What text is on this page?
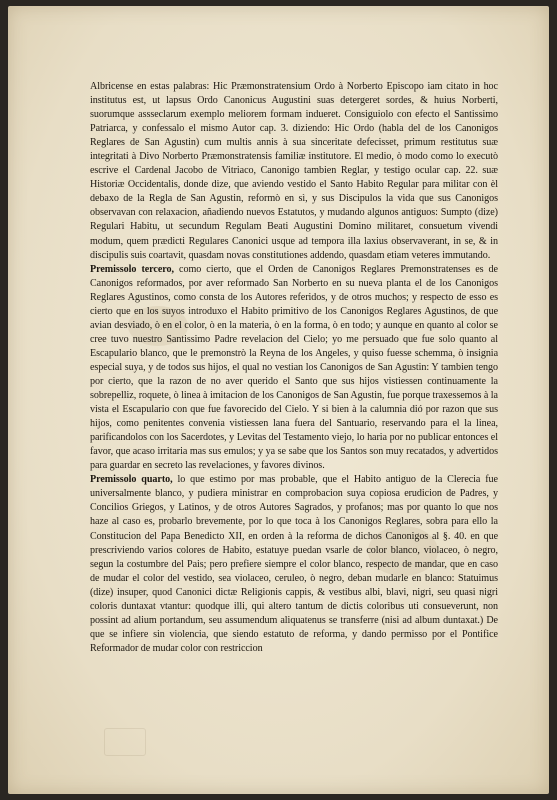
Albricense en estas palabras: Hic Præmonstratensium Ordo à Norberto Episcopo iam citato in hoc institutus est, ut lapsus Ordo Canonicus Augustini suas detergeret sordes, & huius Norberti, suorumque assseclarum exemplo meliorem formam indueret. Consiguiolo con efecto el Santissimo Patriarca, y confessalo el mismo Autor cap. 3. diziendo: Hic Ordo (habla del de los Canonigos Reglares de San Agustin) cum multis annis à sua sinceritate defecisset, primum restitutus suæ integritati à Divo Norberto Præmonstratensis familiæ institutore. El medio, ò modo como lo executò escrive el Cardenal Jacobo de Vitriaco, Canonigo tambien Reglar, y testigo ocular cap. 22. suæ Historiæ Occidentalis, donde dize, que aviendo vestido el Santo Habito Regular para militar con èl debaxo de la Regla de San Agustin, reformò en sì, y sus Discipulos la vida que sus Canonigos observavan con relaxacion, añadiendo nuevos Estatutos, y mudando algunos antiguos: Sumpto (dize) Regulari Habitu, ut secundum Regulam Beati Augustini Domino militaret, consuetum vivendi modum, quem prædicti Regulares Canonici usque ad tempora illa laxius observaverant, in se, & in discipulis suis coartavit, quasdam novas constitutiones addendo, quasdam etiam veteres immutando.

Premissolo tercero, como cierto, que el Orden de Canonigos Reglares Premonstratenses es de Canonigos reformados, por aver reformado San Norberto en su nueva planta el de los Canonigos Reglares Agustinos, como consta de los Autores referidos, y de otros muchos; y respecto de esso es cierto que en los suyos introduxo el Habito primitivo de los Canonigos Reglares Agustinos, de que avian desviado, ò en el color, ò en la materia, ò en la forma, ò en todo; y aunque en quanto al color se cree tuvo nuestro Santissimo Padre revelacion del Cielo; yo me persuado que fue solo quanto al Escapulario blanco, que le premonstrò la Reyna de los Angeles, y quiso fuesse schemma, ò insignia especial suya, y de todos sus hijos, el qual no vestian los Canonigos de San Agustin: Y tambien tengo por cierto, que la razon de no aver querido el Santo que sus hijos vistiessen continuamente la sobrepelliz, roquete, ò linea à imitacion de los Canonigos de San Agustin, fue porque traxessemos à la vista el Escapulario con que fue favorecido del Cielo. Y si bien à la calumnia dió por razon que sus hijos, como penitentes convenia vistiessen lana fuera del Santuario, reservando para el la linea, parificandolos con los Sacerdotes, y Levitas del Testamento viejo, lo haria por no publicar entonces el favor, que acaso irritaria mas sus emulos; y ya se sabe que los Santos son muy recatados, y advertidos para guardar en secreto las revelaciones, y favores divinos.

Premissolo quarto, lo que estimo por mas probable, que el Habito antiguo de la Clerecia fue universalmente blanco, y pudiera ministrar en comprobacion suya copiosa erudicion de Padres, y Concilios Griegos, y Latinos, y de otros Autores Sagrados, y profanos; mas por quanto lo que nos haze al caso es, probarlo brevemente, por lo que toca à los Canonigos Reglares, sobra para ello la Constitucion del Papa Benedicto XII, en orden à la reforma de dichos Canonigos al §. 40. en que prescriviendo varios colores de Habito, estatuye puedan vsarle de color blanco, violaceo, ò negro, segun la costumbre del Pais; pero prefiere siempre el color blanco, respecto de mandar, que en caso de mudar el color del vestido, sea violaceo, ceruleo, ò negro, deban mudarle en blanco: Statuimus (dize) insuper, quod Canonici dictæ Religionis cappis, & vestibus albi, blavi, nigri, seu quasi nigri coloris duntaxat vtantur: quodque illi, qui altero tantum de dictis coloribus uti consueverunt, non possint ad alium portandum, seu assumendum aliquatenus se transferre (nisi ad album duntaxat.) De que se infiere sin violencia, que siendo estatuto de reforma, y dando permisso por el Pontifice Reformador de mudar color con restriccion
